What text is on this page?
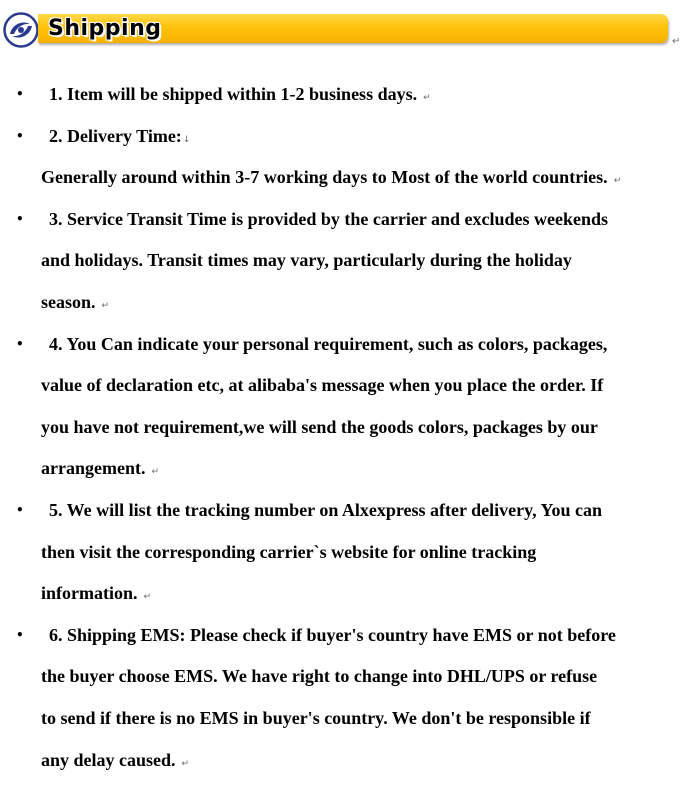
Shipping
↵
• 1. Item will be shipped within 1-2 business days. ↵
• 2. Delivery Time:↓
Generally around within 3-7 working days to Most of the world countries. ↵
• 3. Service Transit Time is provided by the carrier and excludes weekends
and holidays. Transit times may vary, particularly during the holiday
season. ↵
• 4. You Can indicate your personal requirement, such as colors, packages,
value of declaration etc, at alibaba's message when you place the order. If
you have not requirement,we will send the goods colors, packages by our
arrangement. ↵
• 5. We will list the tracking number on Alxexpress after delivery, You can
then visit the corresponding carrier`s website for online tracking
information. ↵
• 6. Shipping EMS: Please check if buyer's country have EMS or not before
the buyer choose EMS. We have right to change into DHL/UPS or refuse
to send if there is no EMS in buyer's country. We don't be responsible if
any delay caused. ↵
